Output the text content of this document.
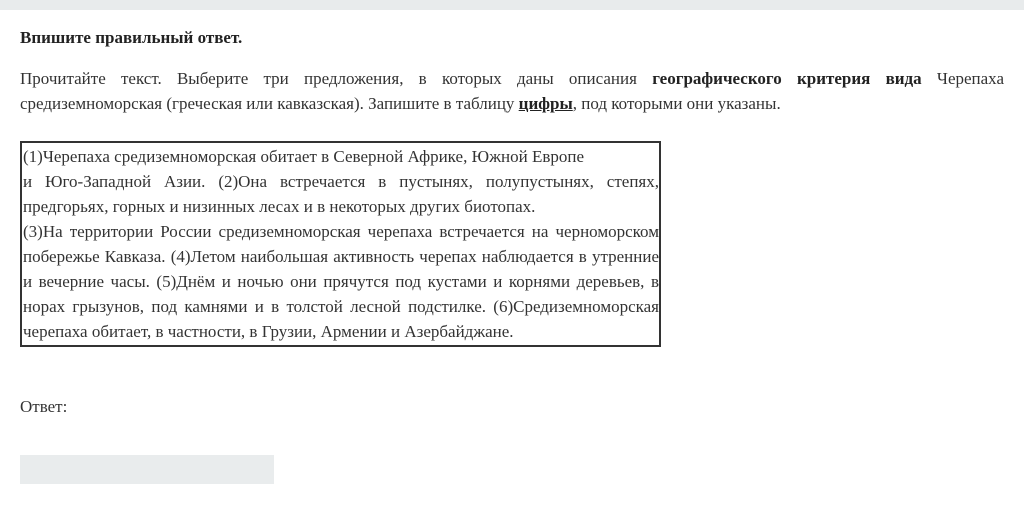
Впишите правильный ответ.
Прочитайте текст. Выберите три предложения, в которых даны описания географического критерия вида Черепаха средиземноморская (греческая или кавказская). Запишите в таблицу цифры, под которыми они указаны.
(1)Черепаха средиземноморская обитает в Северной Африке, Южной Европе
и Юго-Западной Азии. (2)Она встречается в пустынях, полупустынях, степях, предгорьях, горных и низинных лесах и в некоторых других биотопах.
(3)На территории России средиземноморская черепаха встречается на черноморском побережье Кавказа. (4)Летом наибольшая активность черепах наблюдается в утренние и вечерние часы. (5)Днём и ночью они прячутся под кустами и корнями деревьев, в норах грызунов, под камнями и в толстой лесной подстилке. (6)Средиземноморская черепаха обитает, в частности, в Грузии, Армении и Азербайджане.
Ответ:
